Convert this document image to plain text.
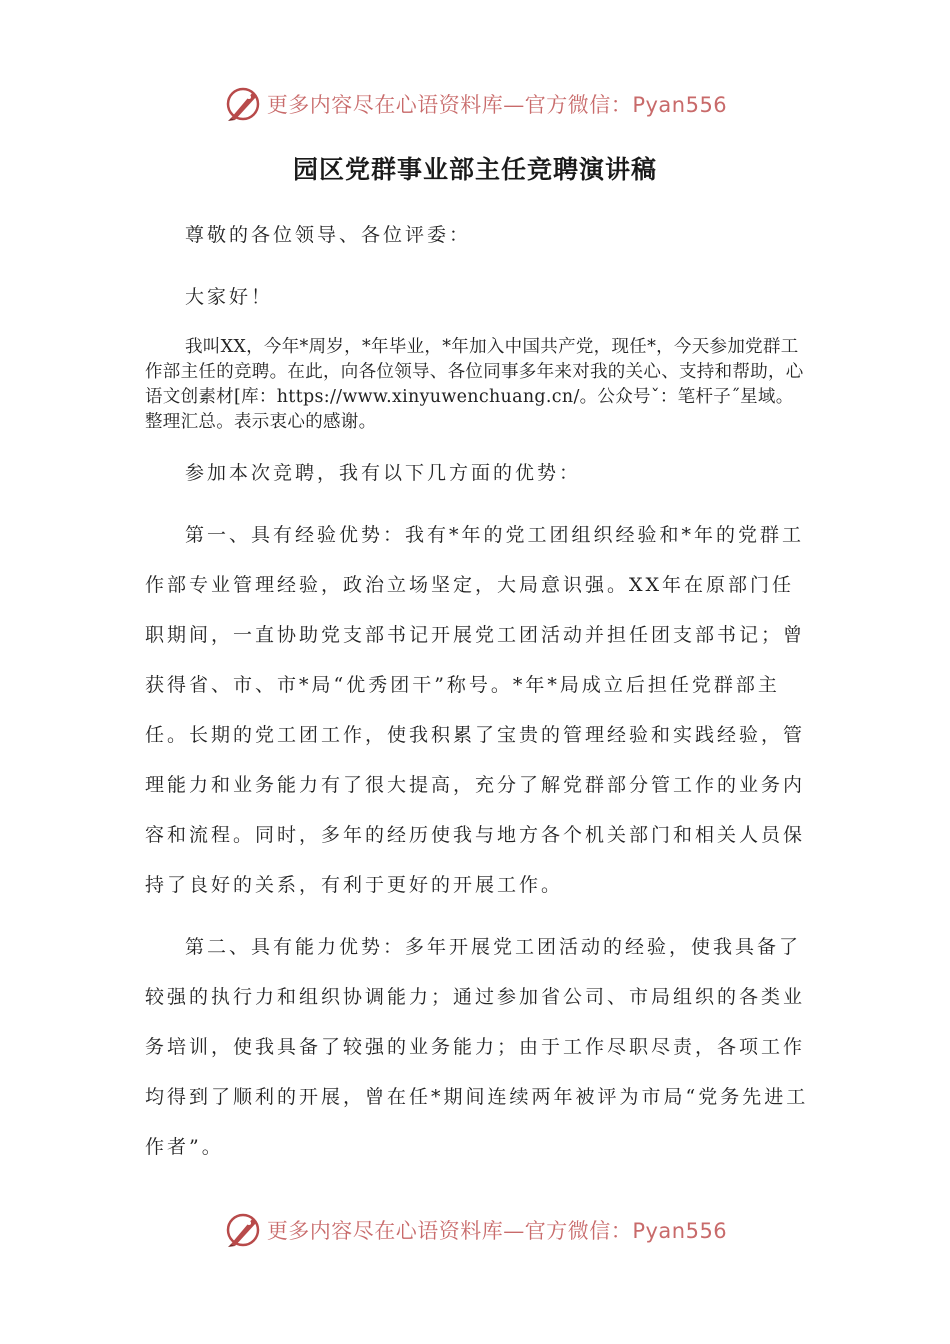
更多内容尽在心语资料库—官方微信：Pyan556
园区党群事业部主任竞聘演讲稿

尊敬的各位领导、各位评委：

大家好！

我叫XX，今年*周岁，*年毕业，*年加入中国共产党，现任*，今天参加党群工作部主任的竞聘。在此，向各位领导、各位同事多年来对我的关心、支持和帮助，心语文创素材[库：https://www.xinyuwenchuang.cn/。公众号ˇ：笔杆子˝星域。整理汇总。表示衷心的感谢。

参加本次竞聘，我有以下几方面的优势：

第一、具有经验优势：我有*年的党工团组织经验和*年的党群工作部专业管理经验，政治立场坚定，大局意识强。XX年在原部门任职期间，一直协助党支部书记开展党工团活动并担任团支部书记；曾获得省、市、市*局“优秀团干”称号。*年*局成立后担任党群部主任。长期的党工团工作，使我积累了宝贵的管理经验和实践经验，管理能力和业务能力有了很大提高，充分了解党群部分管工作的业务内容和流程。同时，多年的经历使我与地方各个机关部门和相关人员保持了良好的关系，有利于更好的开展工作。

第二、具有能力优势：多年开展党工团活动的经验，使我具备了较强的执行力和组织协调能力；通过参加省公司、市局组织的各类业务培训，使我具备了较强的业务能力；由于工作尽职尽责，各项工作均得到了顺利的开展，曾在任*期间连续两年被评为市局“党务先进工作者”。

更多内容尽在心语资料库—官方微信：Pyan556
